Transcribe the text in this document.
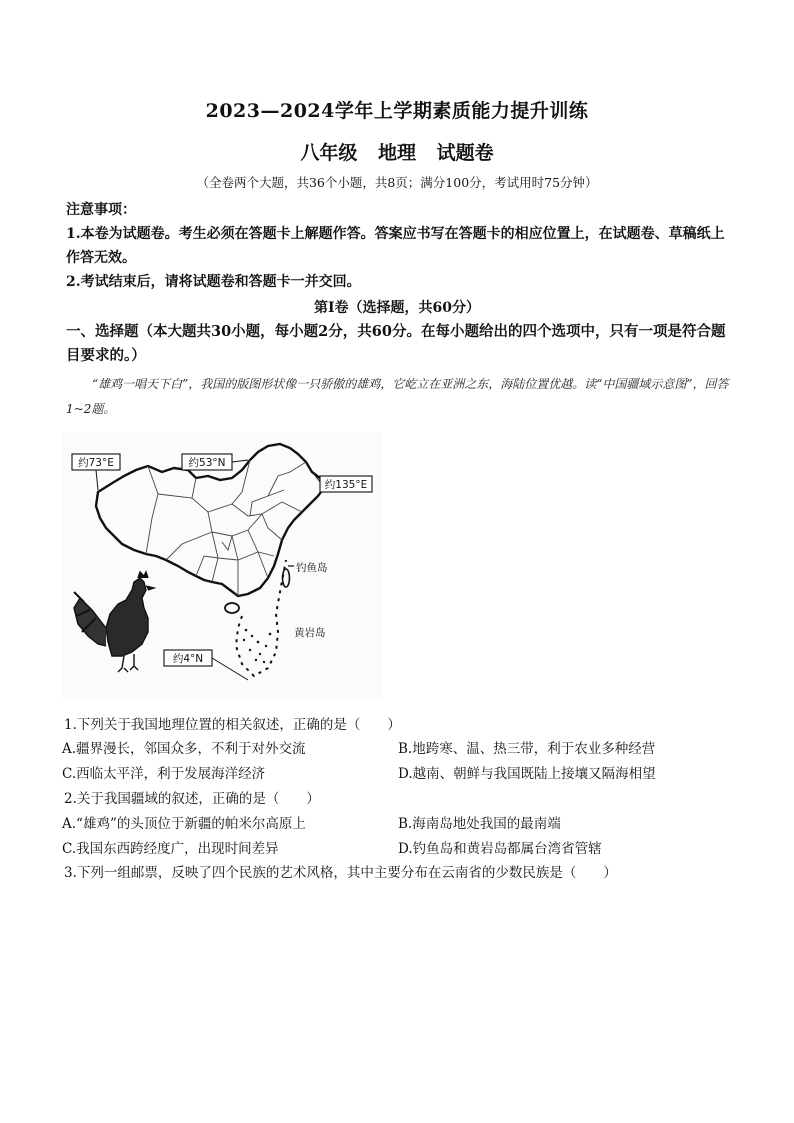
2023—2024学年上学期素质能力提升训练
八年级 地理 试题卷
（全卷两个大题，共36个小题，共8页；满分100分，考试用时75分钟）

注意事项：

1.本卷为试题卷。考生必须在答题卡上解题作答。答案应书写在答题卡的相应位置上，在试题卷、草稿纸上作答无效。

2.考试结束后，请将试题卷和答题卡一并交回。

第Ⅰ卷（选择题，共60分）
一、选择题（本大题共30小题，每小题2分，共60分。在每小题给出的四个选项中，只有一项是符合题目要求的。）
“雄鸡一唱天下白”，我国的版图形状像一只骄傲的雄鸡，它屹立在亚洲之东，海陆位置优越。读“中国疆域示意图”，回答1~2题。
约73°E	约53°N
约135°E
约4°N
钓鱼岛
黄岩岛
1.下列关于我国地理位置的相关叙述，正确的是（　　）
A.疆界漫长，邻国众多，不利于对外交流	B.地跨寒、温、热三带，利于农业多种经营
C.西临太平洋，利于发展海洋经济	D.越南、朝鲜与我国既陆上接壤又隔海相望
2.关于我国疆域的叙述，正确的是（　　）
A.“雄鸡”的头顶位于新疆的帕米尔高原上	B.海南岛地处我国的最南端
C.我国东西跨经度广，出现时间差异	D.钓鱼岛和黄岩岛都属台湾省管辖
3.下列一组邮票，反映了四个民族的艺术风格，其中主要分布在云南省的少数民族是（　　）
